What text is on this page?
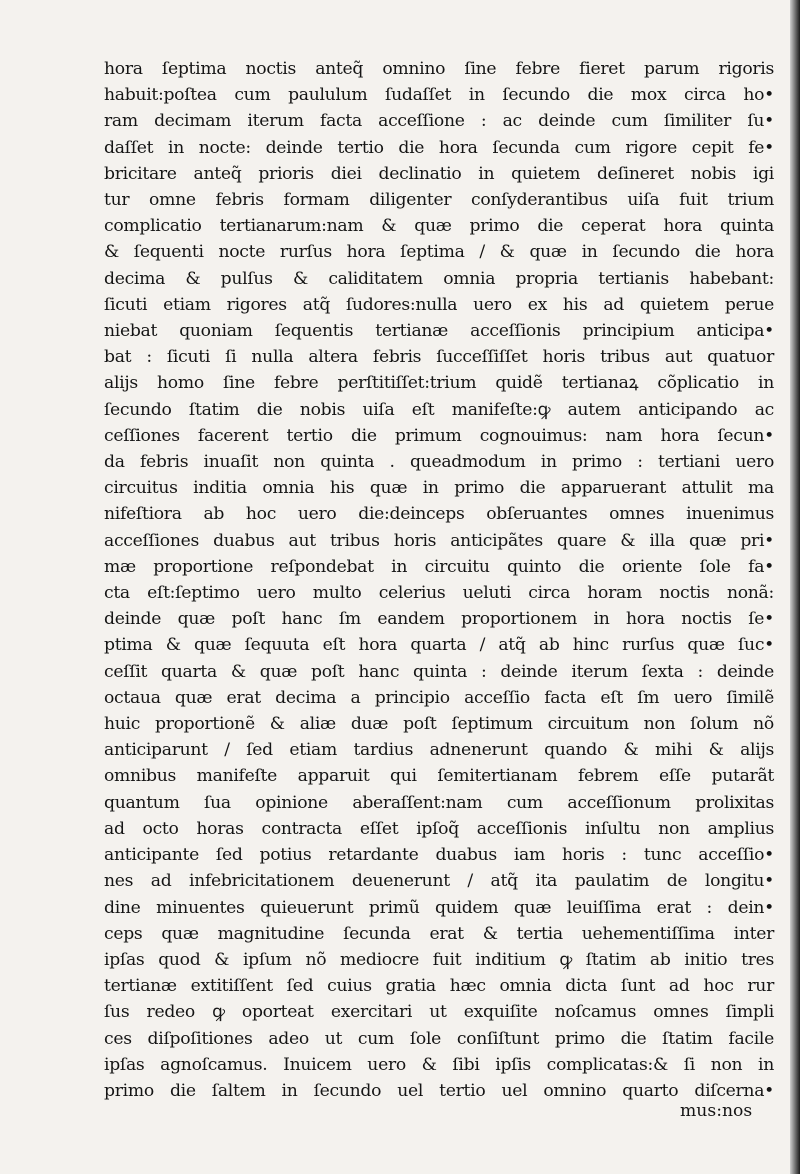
hora ſeptima noctis anteq̃ omnino ſine febre fieret parum rigoris
habuit:poſtea cum paululum ſudaſſet in ſecundo die mox circa ho•
ram decimam iterum facta acceſſione : ac deinde cum ſimiliter ſu•
daſſet in nocte: deinde tertio die hora ſecunda cum rigore cepit fe•
bricitare anteq̃ prioris diei declinatio in quietem deſineret nobis igi
tur omne febris formam diligenter conſyderantibus uiſa fuit trium
complicatio tertianarum:nam & quæ primo die ceperat hora quinta
& ſequenti nocte rurſus hora ſeptima / & quæ in ſecundo die hora
decima & pulſus & caliditatem omnia propria tertianis habebant:
ſicuti etiam rigores atq̃ ſudores:nulla uero ex his ad quietem perue
niebat quoniam ſequentis tertianæ acceſſionis principium anticipa•
bat : ſicuti ſi nulla altera febris ſucceſſiſſet horis tribus aut quatuor
alijs homo ſine febre perſtitiſſet:trium quidẽ tertianaꝝ cõplicatio in
ſecundo ſtatim die nobis uiſa eſt manifeſte:ꝙ autem anticipando ac
ceſſiones facerent tertio die primum cognouimus: nam hora ſecun•
da febris inuaſit non quinta . queadmodum in primo : tertiani uero
circuitus inditia omnia his quæ in primo die apparuerant attulit ma
nifeſtiora ab hoc uero die:deinceps obſeruantes omnes inuenimus
acceſſiones duabus aut tribus horis anticipãtes quare & illa quæ pri•
mæ proportione reſpondebat in circuitu quinto die oriente ſole fa•
cta eſt:ſeptimo uero multo celerius ueluti circa horam noctis nonã:
deinde quæ poſt hanc ſm eandem proportionem in hora noctis ſe•
ptima & quæ ſequuta eſt hora quarta / atq̃ ab hinc rurſus quæ ſuc•
ceſſit quarta & quæ poſt hanc quinta : deinde iterum ſexta : deinde
octaua quæ erat decima a principio acceſſio facta eſt ſm uero ſimilẽ
huic proportionẽ & aliæ duæ poſt ſeptimum circuitum non ſolum nõ
anticiparunt / ſed etiam tardius adnenerunt quando & mihi & alijs
omnibus manifeſte apparuit qui ſemitertianam febrem eſſe putarãt
quantum ſua opinione aberaſſent:nam cum acceſſionum prolixitas
ad octo horas contracta eſſet ipſoq̃ acceſſionis inſultu non amplius
anticipante ſed potius retardante duabus iam horis : tunc acceſſio•
nes ad infebricitationem deuenerunt / atq̃ ita paulatim de longitu•
dine minuentes quieuerunt primũ quidem quæ leuiſſima erat : dein•
ceps quæ magnitudine ſecunda erat & tertia uehementiſſima inter
ipſas quod & ipſum nõ mediocre fuit inditium ꝙ ſtatim ab initio tres
tertianæ extitiſſent ſed cuius gratia hæc omnia dicta ſunt ad hoc rur
ſus redeo ꝙ oporteat exercitari ut exquiſite noſcamus omnes ſimpli
ces diſpoſitiones adeo ut cum ſole conſiſtunt primo die ſtatim facile
ipſas agnoſcamus. Inuicem uero & ſibi ipſis complicatas:& ſi non in
primo die ſaltem in ſecundo uel tertio uel omnino quarto diſcerna•
mus:nos
